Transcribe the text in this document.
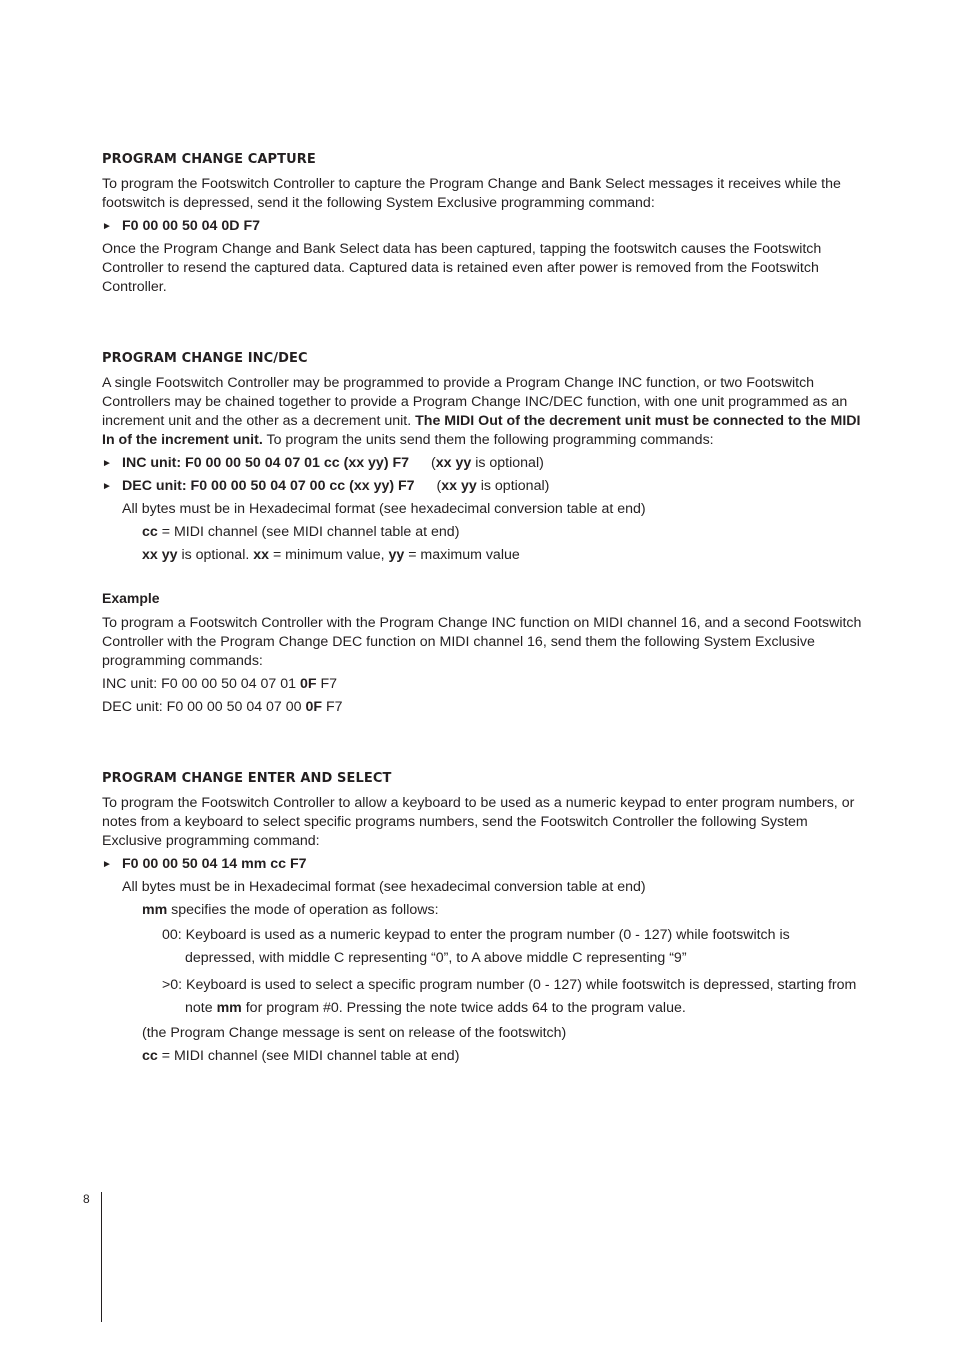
PROGRAM CHANGE CAPTURE

To program the Footswitch Controller to capture the Program Change and Bank Select messages it receives while the footswitch is depressed, send it the following System Exclusive programming command:

► F0 00 00 50 04 0D F7

Once the Program Change and Bank Select data has been captured, tapping the footswitch causes the Footswitch Controller to resend the captured data. Captured data is retained even after power is removed from the Footswitch Controller.

PROGRAM CHANGE INC/DEC

A single Footswitch Controller may be programmed to provide a Program Change INC function, or two Footswitch Controllers may be chained together to provide a Program Change INC/DEC function, with one unit programmed as an increment unit and the other as a decrement unit. The MIDI Out of the decrement unit must be connected to the MIDI In of the increment unit. To program the units send them the following programming commands:

► INC unit: F0 00 00 50 04 07 01 cc (xx yy) F7 (xx yy is optional)
► DEC unit: F0 00 00 50 04 07 00 cc (xx yy) F7 (xx yy is optional)

All bytes must be in Hexadecimal format (see hexadecimal conversion table at end)

cc = MIDI channel (see MIDI channel table at end)

xx yy is optional. xx = minimum value, yy = maximum value

Example

To program a Footswitch Controller with the Program Change INC function on MIDI channel 16, and a second Footswitch Controller with the Program Change DEC function on MIDI channel 16, send them the following System Exclusive programming commands:

INC unit: F0 00 00 50 04 07 01 0F F7

DEC unit: F0 00 00 50 04 07 00 0F F7

PROGRAM CHANGE ENTER AND SELECT

To program the Footswitch Controller to allow a keyboard to be used as a numeric keypad to enter program numbers, or notes from a keyboard to select specific programs numbers, send the Footswitch Controller the following System Exclusive programming command:

► F0 00 00 50 04 14 mm cc F7

All bytes must be in Hexadecimal format (see hexadecimal conversion table at end)

mm specifies the mode of operation as follows:

00: Keyboard is used as a numeric keypad to enter the program number (0 - 127) while footswitch is depressed, with middle C representing “0”, to A above middle C representing “9”

>0: Keyboard is used to select a specific program number (0 - 127) while footswitch is depressed, starting from note mm for program #0. Pressing the note twice adds 64 to the program value.

(the Program Change message is sent on release of the footswitch)

cc = MIDI channel (see MIDI channel table at end)

8
